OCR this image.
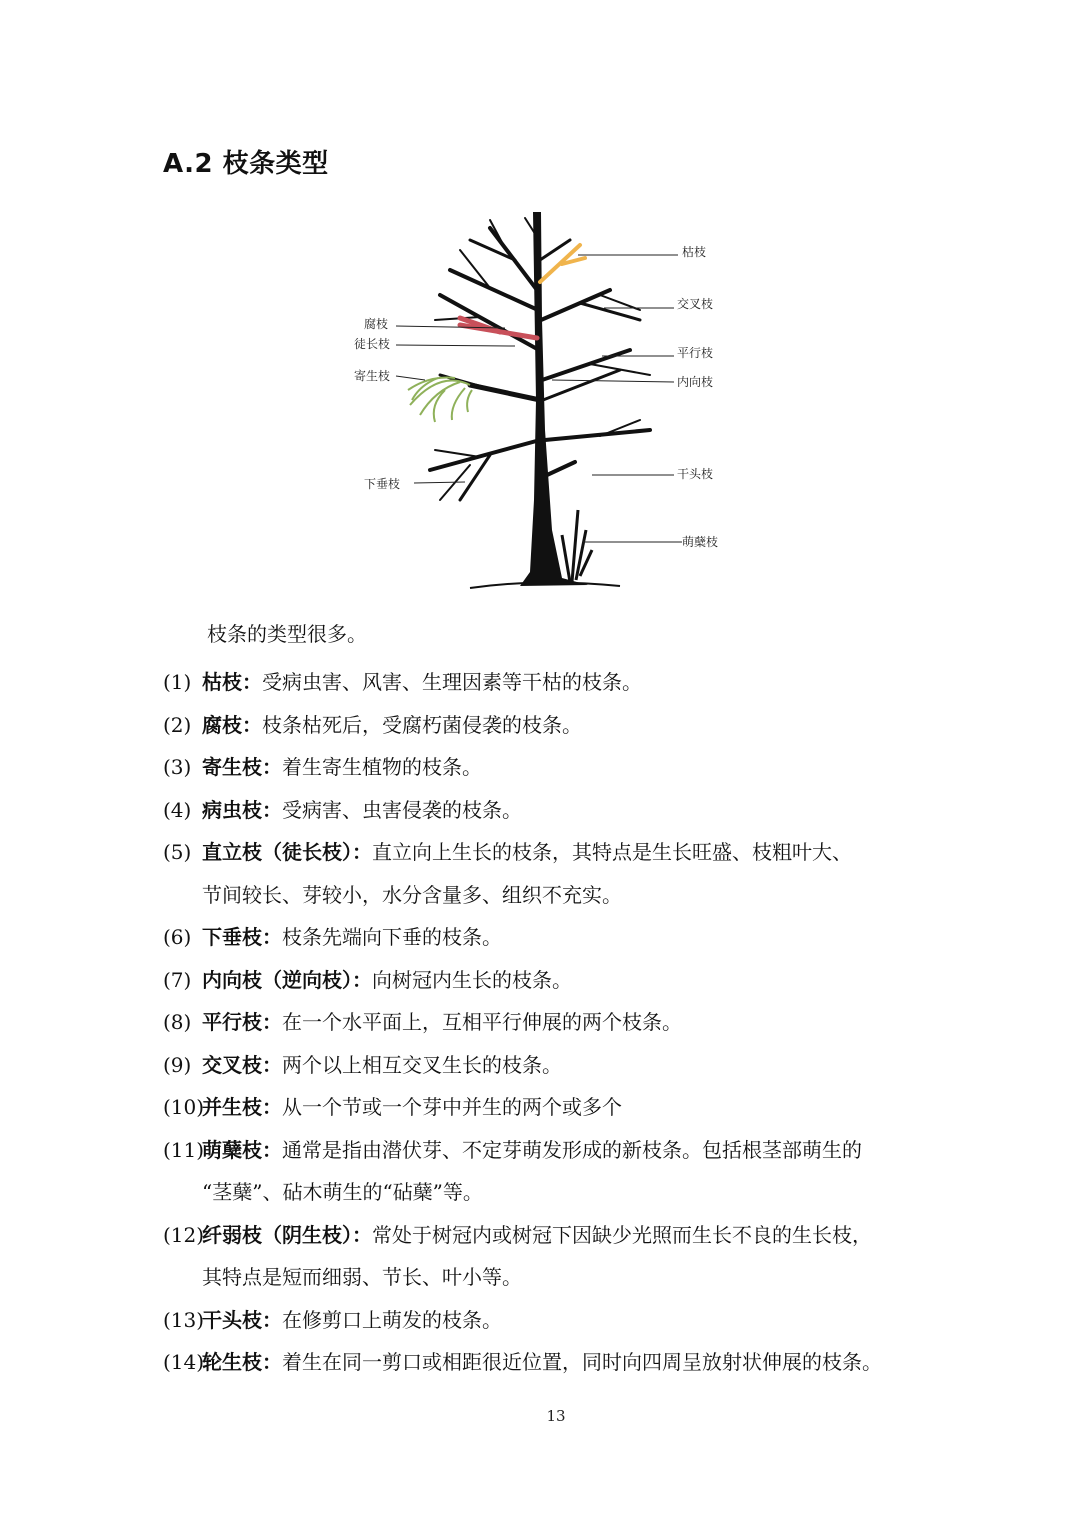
A.2 枝条类型
枯枝
交叉枝
腐枝
徒长枝
平行枝
内向枝
寄生枝
干头枝
下垂枝
萌蘖枝
枝条的类型很多。
(1) 枯枝：受病虫害、风害、生理因素等干枯的枝条。
(2) 腐枝：枝条枯死后，受腐朽菌侵袭的枝条。
(3) 寄生枝：着生寄生植物的枝条。
(4) 病虫枝：受病害、虫害侵袭的枝条。
(5) 直立枝（徒长枝）：直立向上生长的枝条，其特点是生长旺盛、枝粗叶大、
节间较长、芽较小，水分含量多、组织不充实。
(6) 下垂枝：枝条先端向下垂的枝条。
(7) 内向枝（逆向枝）：向树冠内生长的枝条。
(8) 平行枝：在一个水平面上，互相平行伸展的两个枝条。
(9) 交叉枝：两个以上相互交叉生长的枝条。
(10)
并生枝：从一个节或一个芽中并生的两个或多个
(11)
萌蘖枝：通常是指由潜伏芽、不定芽萌发形成的新枝条。包括根茎部萌生的
“茎蘖”、砧木萌生的“砧蘖”等。
(12)
纤弱枝（阴生枝）：常处于树冠内或树冠下因缺少光照而生长不良的生长枝，
其特点是短而细弱、节长、叶小等。
(13)
干头枝：在修剪口上萌发的枝条。
(14)
轮生枝：着生在同一剪口或相距很近位置，同时向四周呈放射状伸展的枝条。
13
